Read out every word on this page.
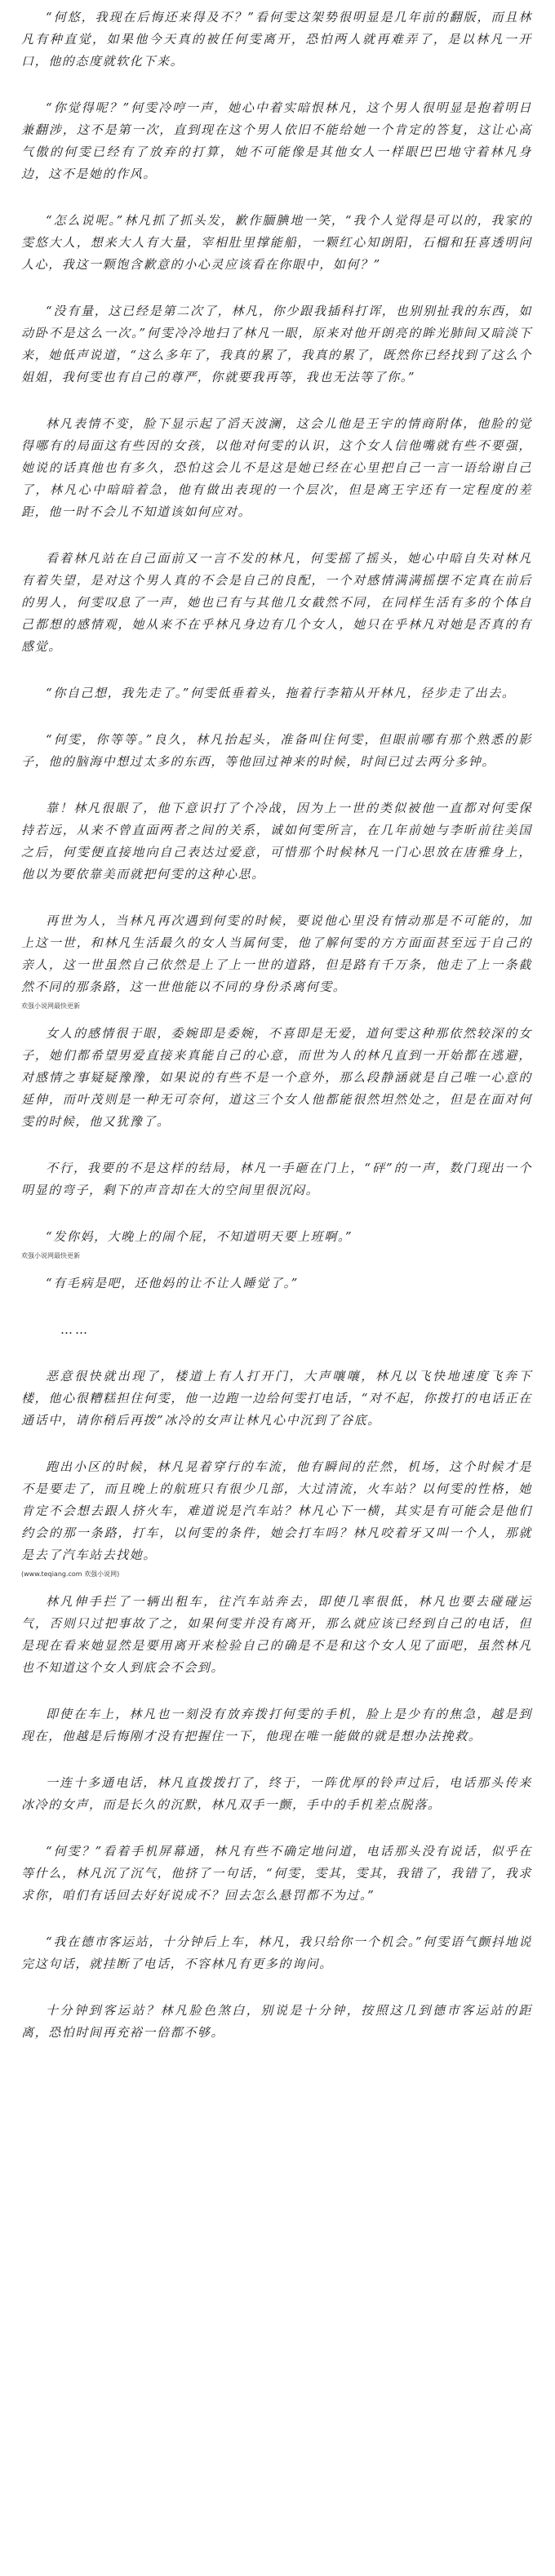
“何悠，我现在后悔还来得及不？”看何雯这架势很明显是几年前的翻版，而且林凡有种直觉，如果他今天真的被任何雯离开，恐怕两人就再难弄了，是以林凡一开口，他的态度就软化下来。

“你觉得呢？”何雯冷哼一声，她心中着实暗恨林凡，这个男人很明显是抱着明日兼翻涉，这不是第一次，直到现在这个男人依旧不能给她一个肯定的答复，这让心高气傲的何雯已经有了放弃的打算，她不可能像是其他女人一样眼巴巴地守着林凡身边，这不是她的作风。

“怎么说呢。”林凡抓了抓头发，歉作腼腆地一笑，“我个人觉得是可以的，我家的雯悠大人，想来大人有大量，宰相肚里撑能船，一颗红心知朗阳，石榴和狂喜透明问人心，我这一颗饱含歉意的小心灵应该看在你眼中，如何？”

“没有量，这已经是第二次了，林凡，你少跟我插科打诨，也别别扯我的东西，如动卧不是这么一次。”何雯冷冷地扫了林凡一眼，原来对他开朗亮的眸光肺间又暗淡下来，她低声说道，“这么多年了，我真的累了，我真的累了，既然你已经找到了这么个姐姐，我何雯也有自己的尊严，你就要我再等，我也无法等了你。”

林凡表情不变，脸下显示起了滔天波澜，这会儿他是王宇的情商附体，他脸的觉得哪有的局面这有些因的女孩，以他对何雯的认识，这个女人信他嘴就有些不要强，她说的话真他也有多久，恐怕这会儿不是这是她已经在心里把自己一言一语给谢自己了，林凡心中暗暗着急，他有做出表现的一个层次，但是离王宇还有一定程度的差距，他一时不会儿不知道该如何应对。

看着林凡站在自己面前又一言不发的林凡，何雯摇了摇头，她心中暗自失对林凡有着失望，是对这个男人真的不会是自己的良配，一个对感情满满摇摆不定真在前后的男人，何雯叹息了一声，她也已有与其他几女截然不同，在同样生活有多的个体自己都想的感情观，她从来不在乎林凡身边有几个女人，她只在乎林凡对她是否真的有感觉。

“你自己想，我先走了。”何雯低垂着头，拖着行李箱从开林凡，径步走了出去。

“何雯，你等等。”良久，林凡抬起头，准备叫住何雯，但眼前哪有那个熟悉的影子，他的脑海中想过太多的东西，等他回过神来的时候，时间已过去两分多钟。

靠！林凡很眼了，他下意识打了个冷战，因为上一世的类似被他一直都对何雯保持若远，从来不曾直面两者之间的关系，诚如何雯所言，在几年前她与李昕前往美国之后，何雯便直接地向自己表达过爱意，可惜那个时候林凡一门心思放在唐雅身上，他以为要依靠美而就把何雯的这种心思。

再世为人，当林凡再次遇到何雯的时候，要说他心里没有情动那是不可能的，加上这一世，和林凡生活最久的女人当属何雯，他了解何雯的方方面面甚至远于自己的亲人，这一世虽然自己依然是上了上一世的道路，但是路有千万条，他走了上一条截然不同的那条路，这一世他能以不同的身份杀离何雯。

欢强小说网最快更新

女人的感情很于眼，委婉即是委婉，不喜即是无爱，道何雯这种那依然较深的女子，她们都希望男爱直接来真能自己的心意，而世为人的林凡直到一开始都在逃避，对感情之事疑疑豫豫，如果说的有些不是一个意外，那么段静涵就是自己唯一心意的延伸，而叶茂则是一种无可奈何，道这三个女人他都能很然坦然处之，但是在面对何雯的时候，他又犹豫了。

不行，我要的不是这样的结局，林凡一手砸在门上，“砰”的一声，数门现出一个明显的弯子，剩下的声音却在大的空间里很沉闷。

“发你妈，大晚上的闹个屁，不知道明天要上班啊。”

欢强小说网最快更新

“有毛病是吧，还他妈的让不让人睡觉了。”

……

恶意很快就出现了，楼道上有人打开门，大声嚷嚷，林凡以飞快地速度飞奔下楼，他心很糟糕担住何雯，他一边跑一边给何雯打电话，“对不起，你拨打的电话正在通话中，请你稍后再拨”冰冷的女声让林凡心中沉到了谷底。

跑出小区的时候，林凡晃着穿行的车流，他有瞬间的茫然，机场，这个时候才是不是要走了，而且晚上的航班只有很少几部，大过清流，火车站？以何雯的性格，她肯定不会想去跟人挤火车，难道说是汽车站？林凡心下一横，其实是有可能会是他们约会的那一条路，打车，以何雯的条件，她会打车吗？林凡咬着牙又叫一个人，那就是去了汽车站去找她。

(www.teqiang.com 欢强小说网)

林凡伸手拦了一辆出租车，往汽车站奔去，即使几率很低，林凡也要去碰碰运气，否则只过把事故了之，如果何雯并没有离开，那么就应该已经到自己的电话，但是现在看来她显然是要用离开来检验自己的确是不是和这个女人见了面吧，虽然林凡也不知道这个女人到底会不会到。

即使在车上，林凡也一刻没有放弃拨打何雯的手机，脸上是少有的焦急，越是到现在，他越是后悔刚才没有把握住一下，他现在唯一能做的就是想办法挽救。

一连十多通电话，林凡直拨拨打了，终于，一阵优厚的铃声过后，电话那头传来冰冷的女声，而是长久的沉默，林凡双手一颤，手中的手机差点脱落。

“何雯？”看着手机屏幕通，林凡有些不确定地问道，电话那头没有说话，似乎在等什么，林凡沉了沉气，他挤了一句话，“何雯，雯其，雯其，我错了，我错了，我求求你，咱们有话回去好好说成不？回去怎么悬罚都不为过。”

“我在德市客运站，十分钟后上车，林凡，我只给你一个机会。”何雯语气颤抖地说完这句话，就挂断了电话，不容林凡有更多的询问。

十分钟到客运站？林凡脸色煞白，别说是十分钟，按照这几到德市客运站的距离，恐怕时间再充裕一倍都不够。
